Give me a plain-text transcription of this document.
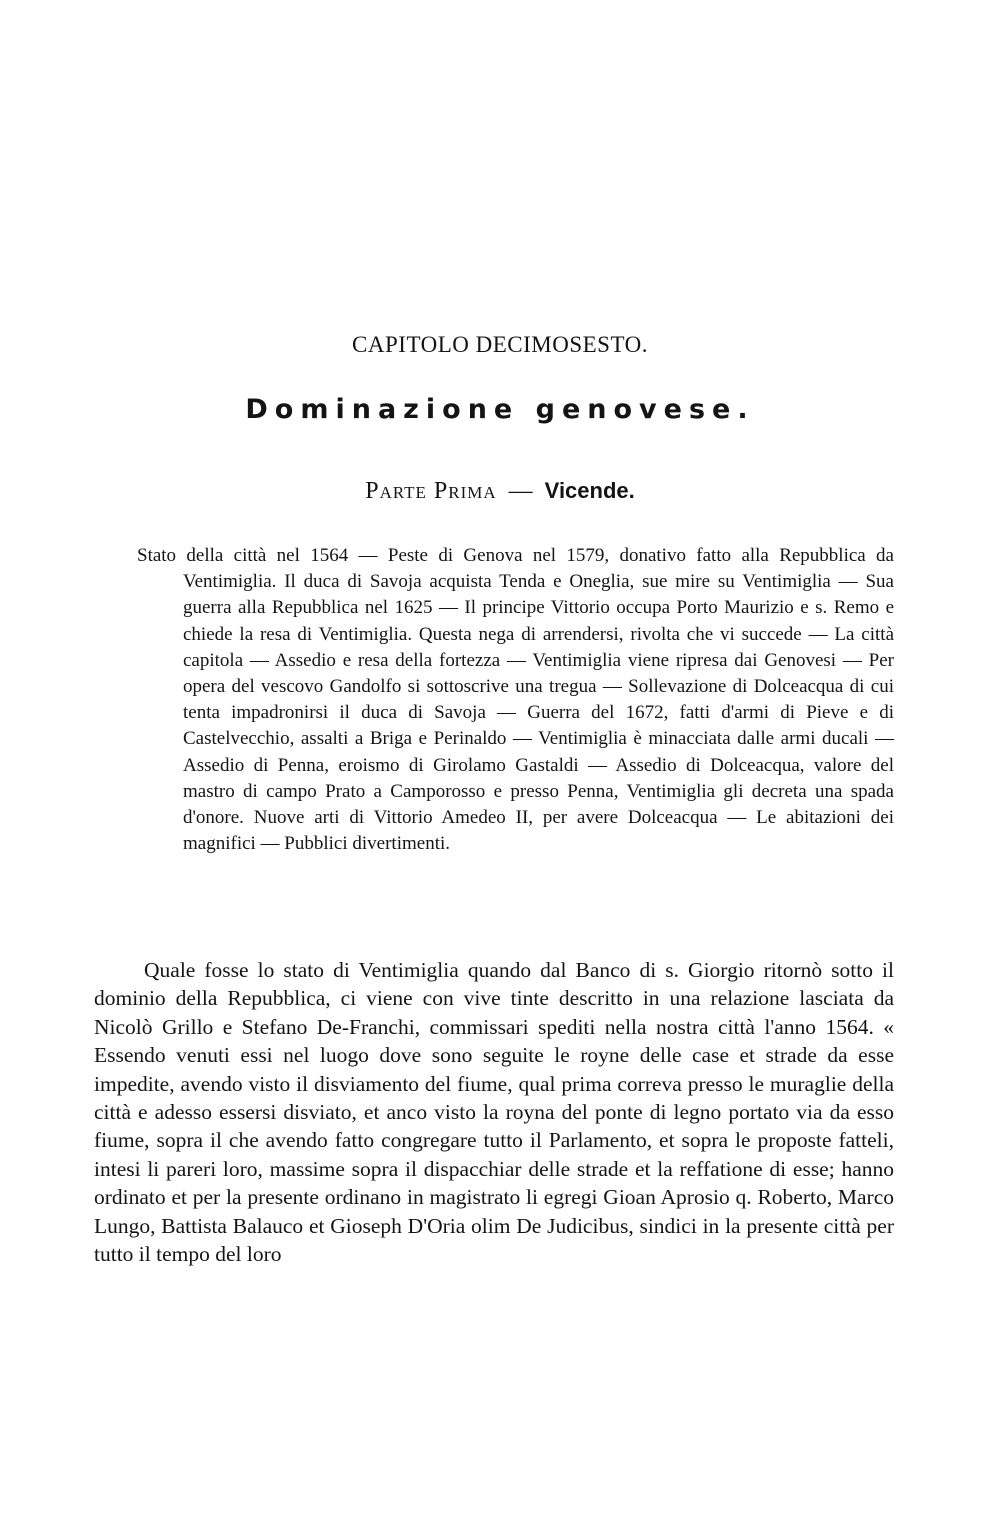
CAPITOLO DECIMOSESTO.
Dominazione genovese.
Parte Prima — Vicende.

Stato della città nel 1564 — Peste di Genova nel 1579, donativo fatto alla Repubblica da Ventimiglia. Il duca di Savoja acquista Tenda e Oneglia, sue mire su Ventimiglia — Sua guerra alla Repubblica nel 1625 — Il principe Vittorio occupa Porto Maurizio e s. Remo e chiede la resa di Ventimiglia. Questa nega di arrendersi, rivolta che vi succede — La città capitola — Assedio e resa della fortezza — Ventimiglia viene ripresa dai Genovesi — Per opera del vescovo Gandolfo si sottoscrive una tregua — Sollevazione di Dolceacqua di cui tenta impadronirsi il duca di Savoja — Guerra del 1672, fatti d'armi di Pieve e di Castelvecchio, assalti a Briga e Perinaldo — Ventimiglia è minacciata dalle armi ducali — Assedio di Penna, eroismo di Girolamo Gastaldi — Assedio di Dolceacqua, valore del mastro di campo Prato a Camporosso e presso Penna, Ventimiglia gli decreta una spada d'onore. Nuove arti di Vittorio Amedeo II, per avere Dolceacqua — Le abitazioni dei magnifici — Pubblici divertimenti.

Quale fosse lo stato di Ventimiglia quando dal Banco di s. Giorgio ritornò sotto il dominio della Repubblica, ci viene con vive tinte descritto in una relazione lasciata da Nicolò Grillo e Stefano De-Franchi, commissari spediti nella nostra città l'anno 1564. « Essendo venuti essi nel luogo dove sono seguite le royne delle case et strade da esse impedite, avendo visto il disviamento del fiume, qual prima correva presso le muraglie della città e adesso essersi disviato, et anco visto la royna del ponte di legno portato via da esso fiume, sopra il che avendo fatto congregare tutto il Parlamento, et sopra le proposte fatteli, intesi li pareri loro, massime sopra il dispacchiar delle strade et la reffatione di esse; hanno ordinato et per la presente ordinano in magistrato li egregi Gioan Aprosio q. Roberto, Marco Lungo, Battista Balauco et Gioseph D'Oria olim De Judicibus, sindici in la presente città per tutto il tempo del loro
